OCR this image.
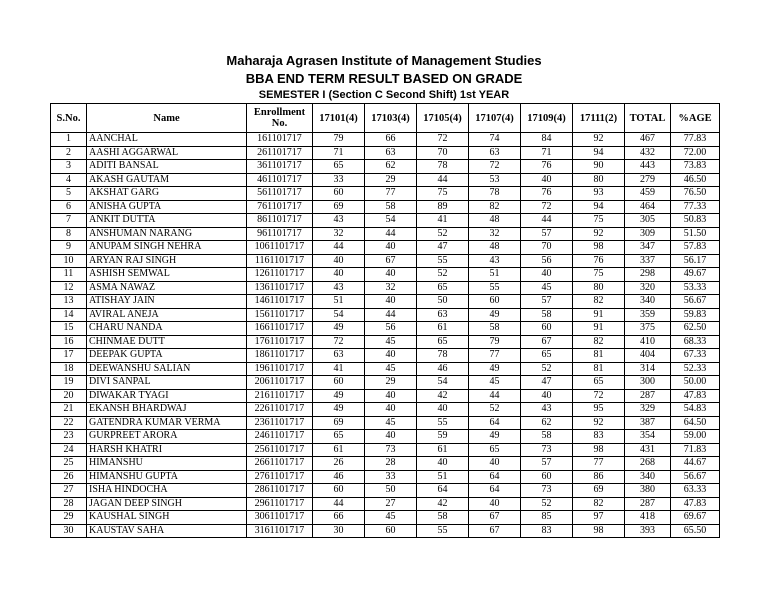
Maharaja Agrasen Institute of Management Studies
BBA END TERM RESULT BASED ON GRADE
SEMESTER I (Section C Second Shift) 1st YEAR
S.No.	Name	Enrollment No.	17101(4)	17103(4)	17105(4)	17107(4)	17109(4)	17111(2)	TOTAL	%AGE
1	AANCHAL	161101717	79	66	72	74	84	92	467	77.83
2	AASHI AGGARWAL	261101717	71	63	70	63	71	94	432	72.00
3	ADITI BANSAL	361101717	65	62	78	72	76	90	443	73.83
4	AKASH GAUTAM	461101717	33	29	44	53	40	80	279	46.50
5	AKSHAT GARG	561101717	60	77	75	78	76	93	459	76.50
6	ANISHA GUPTA	761101717	69	58	89	82	72	94	464	77.33
7	ANKIT DUTTA	861101717	43	54	41	48	44	75	305	50.83
8	ANSHUMAN NARANG	961101717	32	44	52	32	57	92	309	51.50
9	ANUPAM SINGH NEHRA	1061101717	44	40	47	48	70	98	347	57.83
10	ARYAN RAJ SINGH	1161101717	40	67	55	43	56	76	337	56.17
11	ASHISH SEMWAL	1261101717	40	40	52	51	40	75	298	49.67
12	ASMA NAWAZ	1361101717	43	32	65	55	45	80	320	53.33
13	ATISHAY JAIN	1461101717	51	40	50	60	57	82	340	56.67
14	AVIRAL ANEJA	1561101717	54	44	63	49	58	91	359	59.83
15	CHARU NANDA	1661101717	49	56	61	58	60	91	375	62.50
16	CHINMAE DUTT	1761101717	72	45	65	79	67	82	410	68.33
17	DEEPAK GUPTA	1861101717	63	40	78	77	65	81	404	67.33
18	DEEWANSHU SALIAN	1961101717	41	45	46	49	52	81	314	52.33
19	DIVI SANPAL	2061101717	60	29	54	45	47	65	300	50.00
20	DIWAKAR TYAGI	2161101717	49	40	42	44	40	72	287	47.83
21	EKANSH BHARDWAJ	2261101717	49	40	40	52	43	95	329	54.83
22	GATENDRA KUMAR VERMA	2361101717	69	45	55	64	62	92	387	64.50
23	GURPREET ARORA	2461101717	65	40	59	49	58	83	354	59.00
24	HARSH KHATRI	2561101717	61	73	61	65	73	98	431	71.83
25	HIMANSHU	2661101717	26	28	40	40	57	77	268	44.67
26	HIMANSHU GUPTA	2761101717	46	33	51	64	60	86	340	56.67
27	ISHA HINDOCHA	2861101717	60	50	64	64	73	69	380	63.33
28	JAGAN DEEP SINGH	2961101717	44	27	42	40	52	82	287	47.83
29	KAUSHAL SINGH	3061101717	66	45	58	67	85	97	418	69.67
30	KAUSTAV SAHA	3161101717	30	60	55	67	83	98	393	65.50
